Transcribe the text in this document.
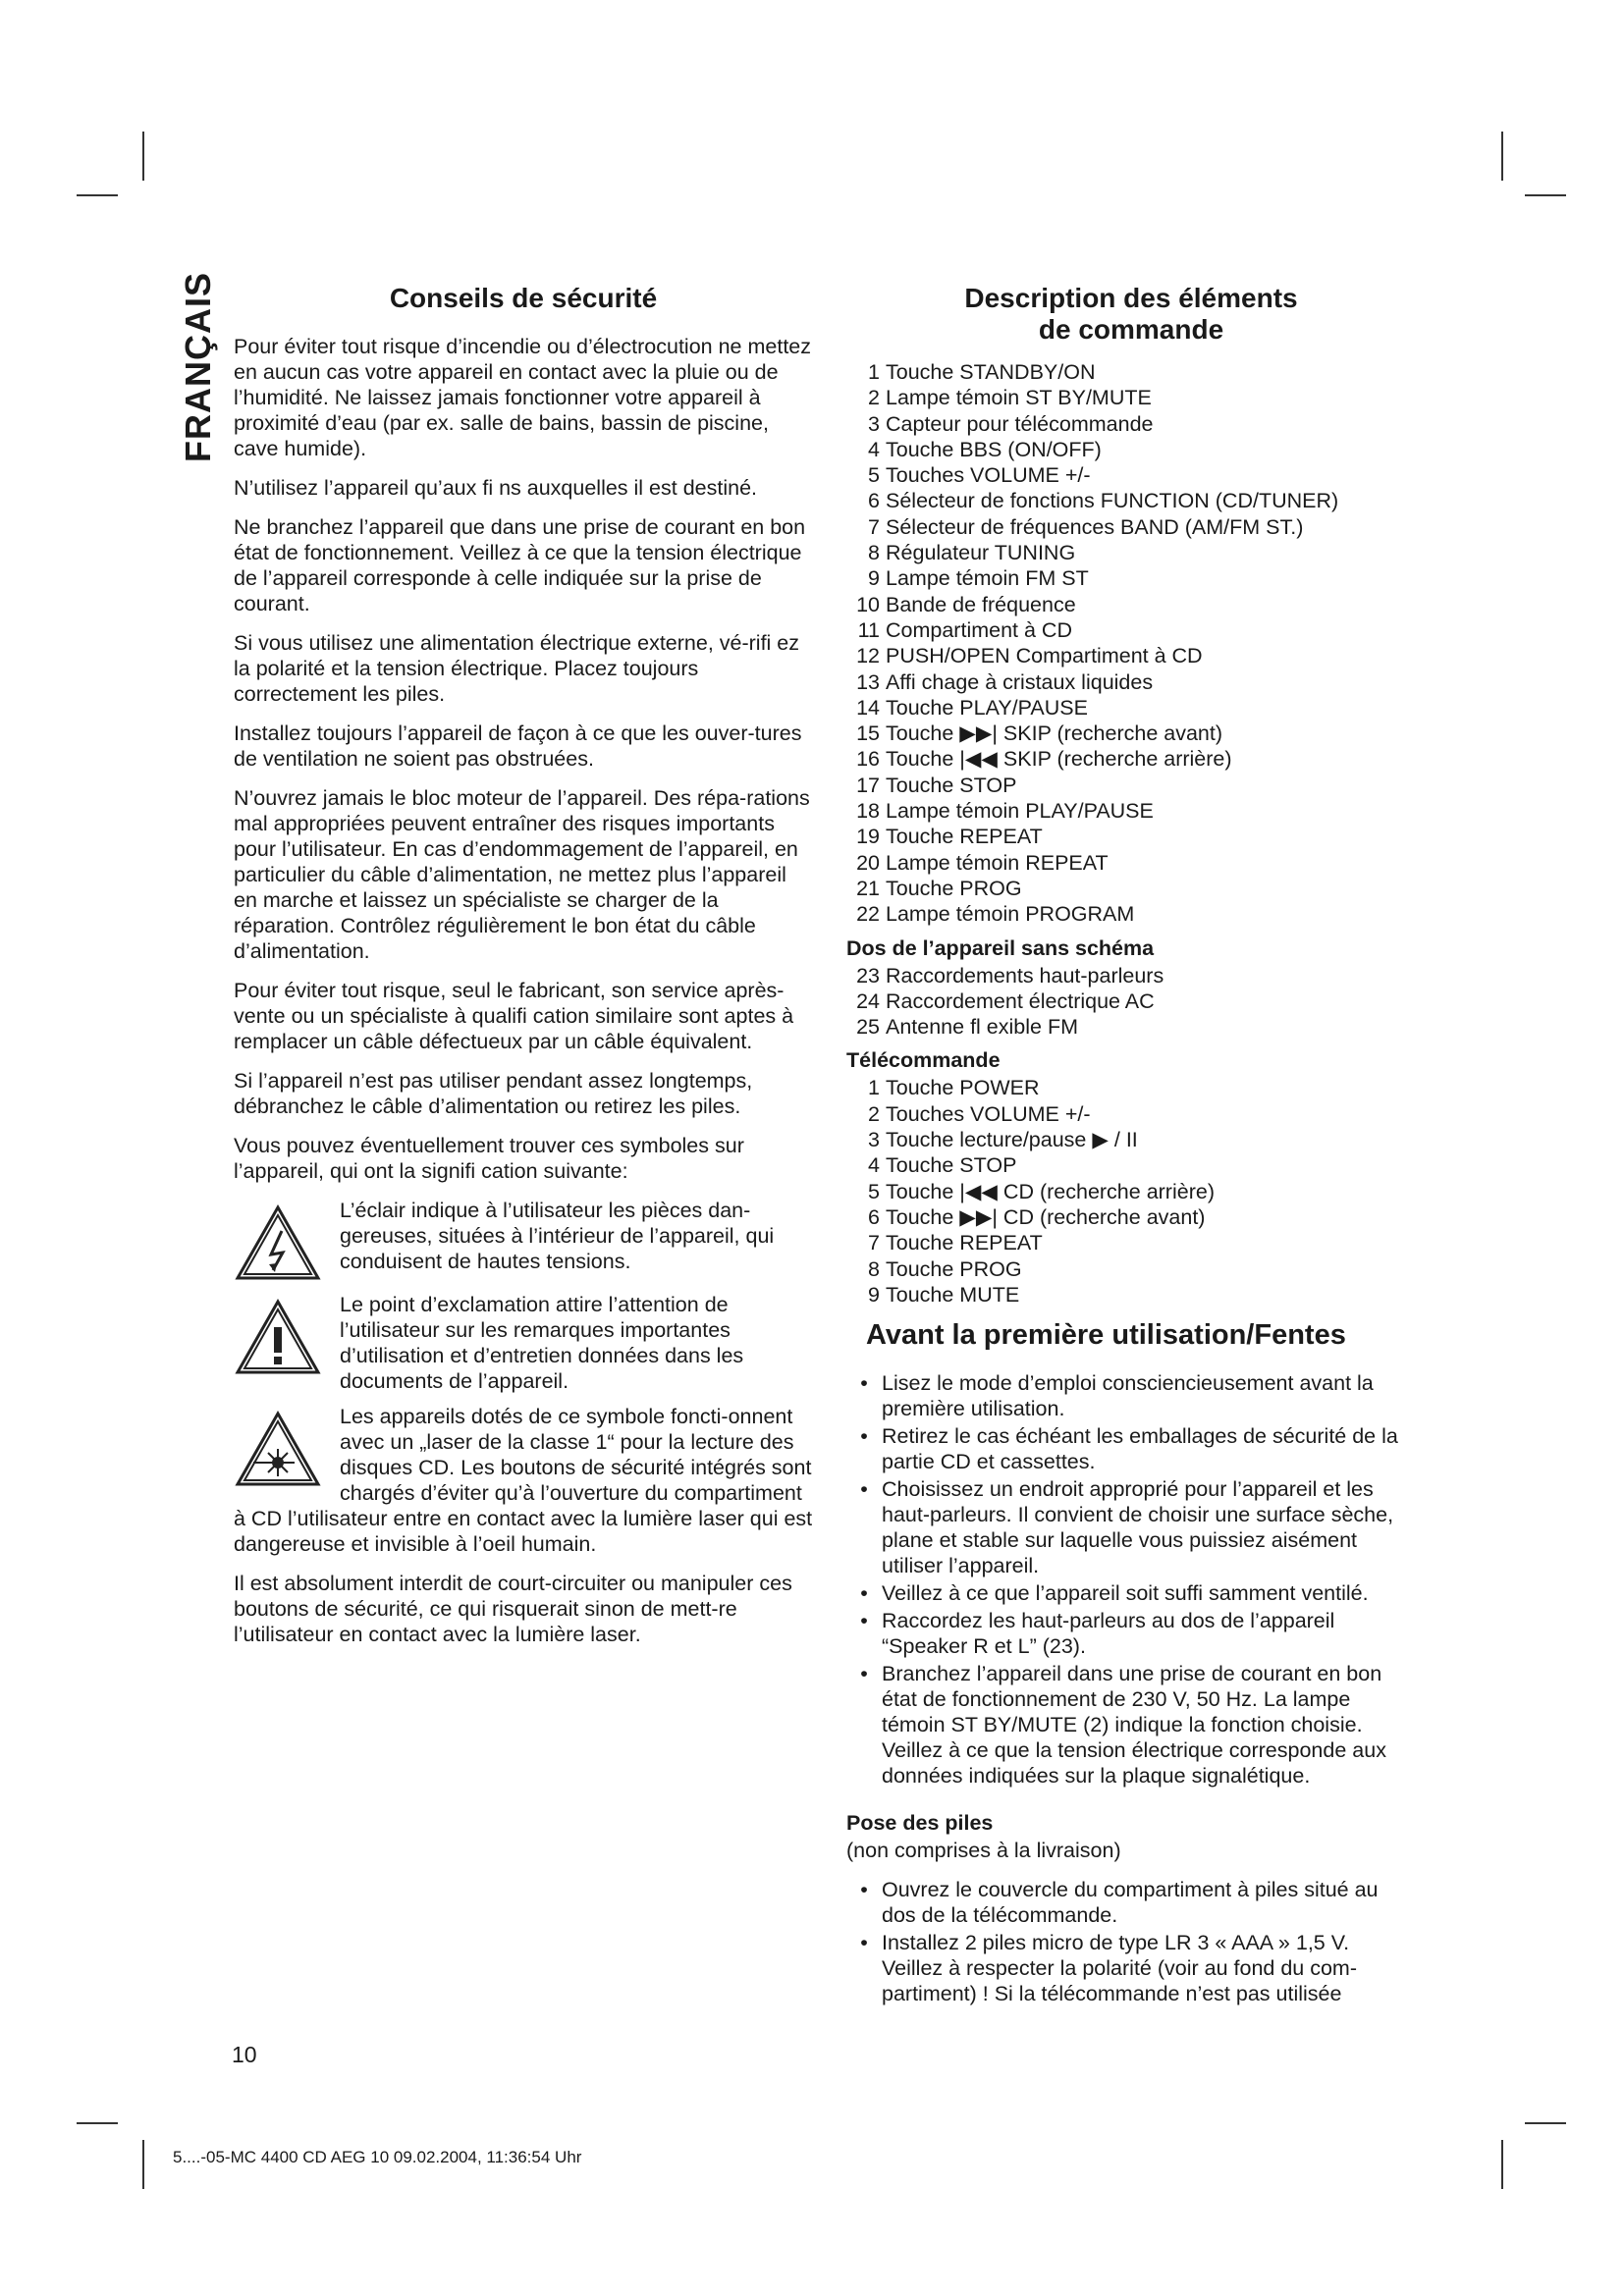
FRANÇAIS	Conseils de sécurité

Pour éviter tout risque d’incendie ou d’électrocution ne mettez en aucun cas votre appareil en contact avec la pluie ou de l’humidité. Ne laissez jamais fonctionner votre appareil à proximité d’eau (par ex. salle de bains, bassin de piscine, cave humide).

N’utilisez l’appareil qu’aux fi ns auxquelles il est destiné.

Ne branchez l’appareil que dans une prise de courant en bon état de fonctionnement. Veillez à ce que la tension électrique de l’appareil corresponde à celle indiquée sur la prise de courant.

Si vous utilisez une alimentation électrique externe, vé-rifi ez la polarité et la tension électrique. Placez toujours correctement les piles.

Installez toujours l’appareil de façon à ce que les ouver-tures de ventilation ne soient pas obstruées.

N’ouvrez jamais le bloc moteur de l’appareil. Des répa-rations mal appropriées peuvent entraîner des risques importants pour l’utilisateur. En cas d’endommagement de l’appareil, en particulier du câble d’alimentation, ne mettez plus l’appareil en marche et laissez un spécialiste se charger de la réparation. Contrôlez régulièrement le bon état du câble d’alimentation.

Pour éviter tout risque, seul le fabricant, son service après-vente ou un spécialiste à qualifi cation similaire sont aptes à remplacer un câble défectueux par un câble équivalent.

Si l’appareil n’est pas utiliser pendant assez longtemps, débranchez le câble d’alimentation ou retirez les piles.

Vous pouvez éventuellement trouver ces symboles sur l’appareil, qui ont la signifi cation suivante:

L’éclair indique à l’utilisateur les pièces dan-gereuses, situées à l’intérieur de l’appareil, qui conduisent de hautes tensions.
Le point d’exclamation attire l’attention de l’utilisateur sur les remarques importantes d’utilisation et d’entretien données dans les documents de l’appareil.
Les appareils dotés de ce symbole foncti-onnent avec un „laser de la classe 1“ pour la lecture des disques CD. Les boutons de sécurité intégrés sont chargés d’éviter qu’à l’ouverture du compartiment à CD l’utilisateur entre en contact avec la lumière laser qui est dangereuse et invisible à l’oeil humain.

Il est absolument interdit de court-circuiter ou manipuler ces boutons de sécurité, ce qui risquerait sinon de mett-re l’utilisateur en contact avec la lumière laser.

Description des éléments
de commande
1 Touche STANDBY/ON
2 Lampe témoin ST BY/MUTE
3 Capteur pour télécommande
4 Touche BBS (ON/OFF)
5 Touches VOLUME +/-
6 Sélecteur de fonctions FUNCTION (CD/TUNER)
7 Sélecteur de fréquences BAND (AM/FM ST.)
8 Régulateur TUNING
9 Lampe témoin FM ST
10 Bande de fréquence
11 Compartiment à CD
12 PUSH/OPEN Compartiment à CD
13 Affi chage à cristaux liquides
14 Touche PLAY/PAUSE
15 Touche ▶▶| SKIP (recherche avant)
16 Touche |◀◀ SKIP (recherche arrière)
17 Touche STOP
18 Lampe témoin PLAY/PAUSE
19 Touche REPEAT
20 Lampe témoin REPEAT
21 Touche PROG
22 Lampe témoin PROGRAM
Dos de l’appareil sans schéma
23 Raccordements haut-parleurs
24 Raccordement électrique AC
25 Antenne fl exible FM
Télécommande
1 Touche POWER
2 Touches VOLUME +/-
3 Touche lecture/pause ▶ / II
4 Touche STOP
5 Touche |◀◀ CD (recherche arrière)
6 Touche ▶▶| CD (recherche avant)
7 Touche REPEAT
8 Touche PROG
9 Touche MUTE
Avant la première utilisation/Fentes
• Lisez le mode d’emploi consciencieusement avant la première utilisation.
• Retirez le cas échéant les emballages de sécurité de la partie CD et cassettes.
• Choisissez un endroit approprié pour l’appareil et les haut-parleurs. Il convient de choisir une surface sèche, plane et stable sur laquelle vous puissiez aisément utiliser l’appareil.
• Veillez à ce que l’appareil soit suffi samment ventilé.
• Raccordez les haut-parleurs au dos de l’appareil “Speaker R et L” (23).
• Branchez l’appareil dans une prise de courant en bon état de fonctionnement de 230 V, 50 Hz. La lampe témoin ST BY/MUTE (2) indique la fonction choisie. Veillez à ce que la tension électrique corresponde aux données indiquées sur la plaque signalétique.
Pose des piles
(non comprises à la livraison)
• Ouvrez le couvercle du compartiment à piles situé au dos de la télécommande.
• Installez 2 piles micro de type LR 3 « AAA » 1,5 V. Veillez à respecter la polarité (voir au fond du com-partiment) ! Si la télécommande n’est pas utilisée
10
5....-05-MC 4400 CD AEG 10 09.02.2004, 11:36:54 Uhr
